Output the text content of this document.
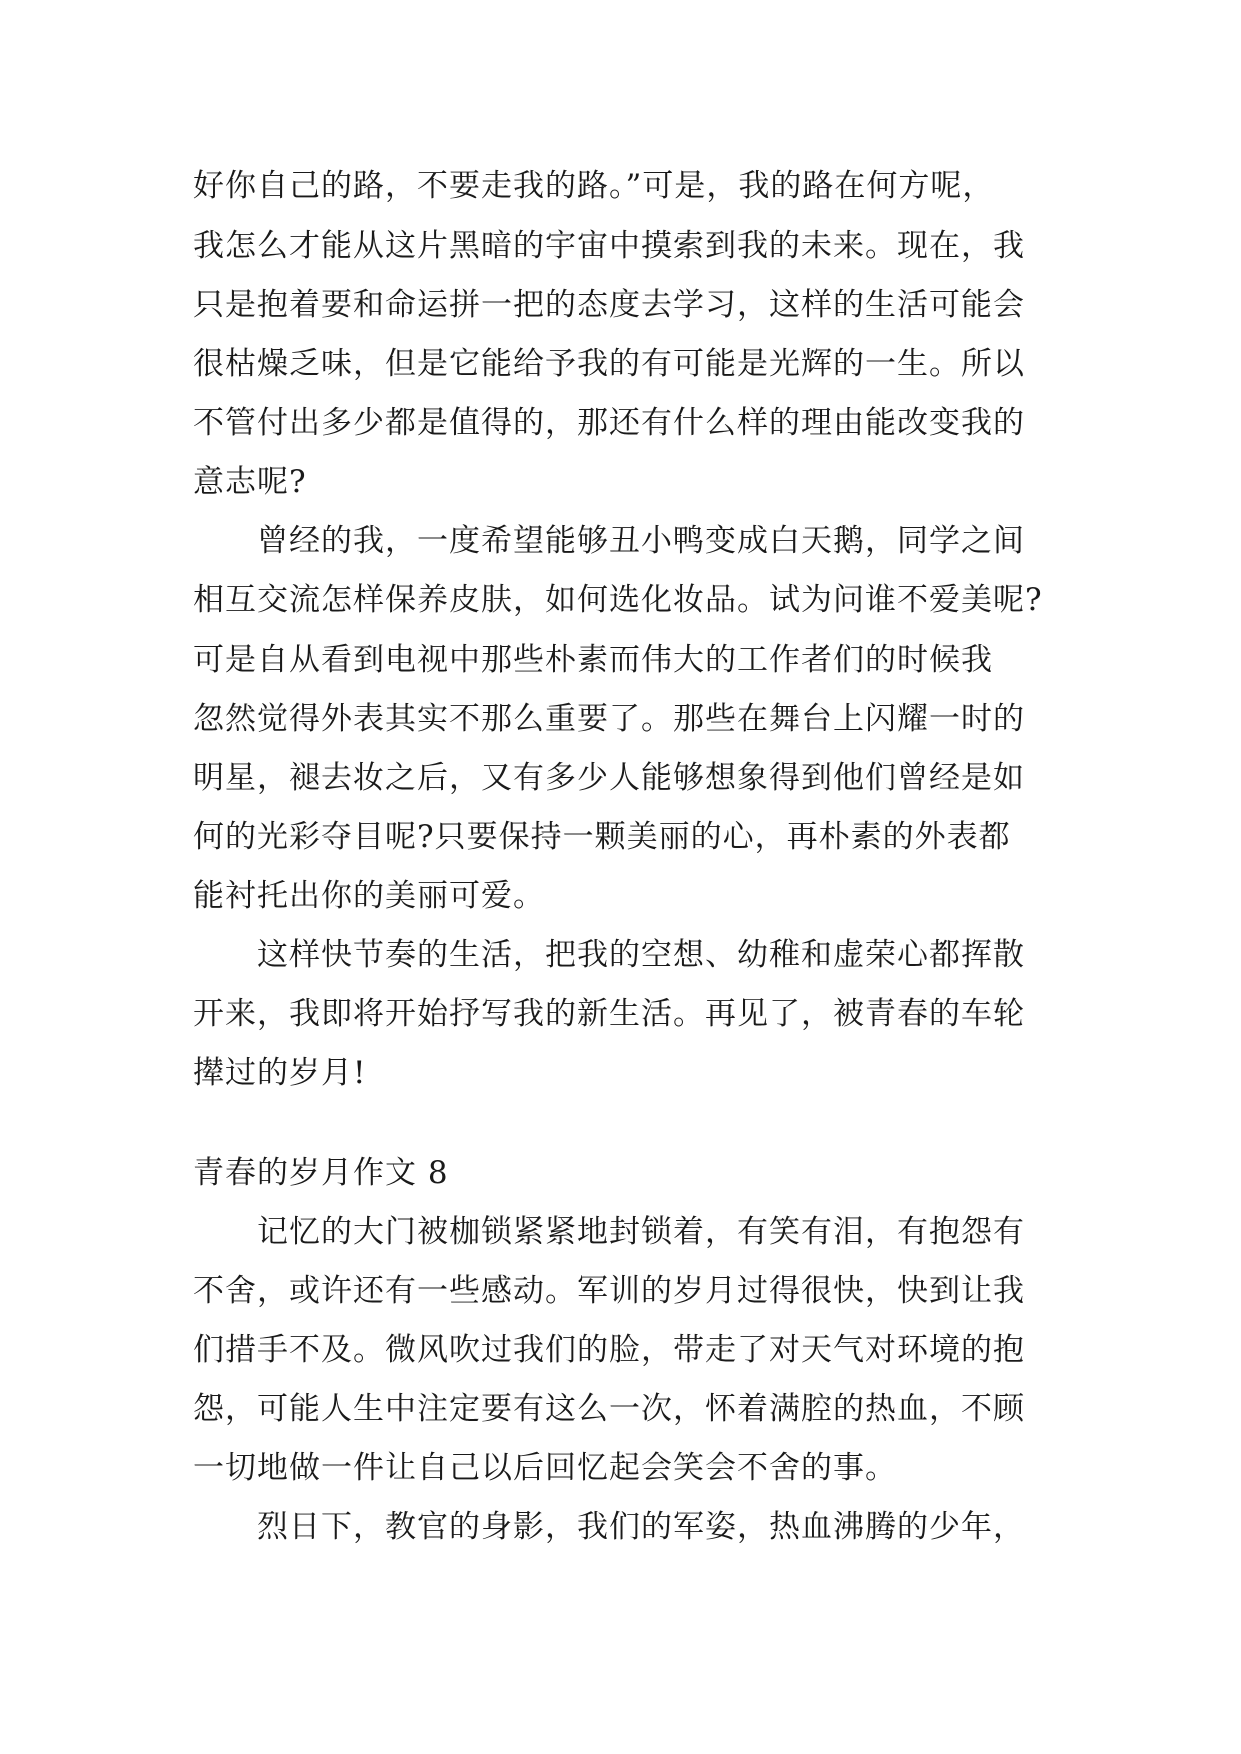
好你自己的路，不要走我的路。”可是，我的路在何方呢，
我怎么才能从这片黑暗的宇宙中摸索到我的未来。现在，我
只是抱着要和命运拼一把的态度去学习，这样的生活可能会
很枯燥乏味，但是它能给予我的有可能是光辉的一生。所以
不管付出多少都是值得的，那还有什么样的理由能改变我的
意志呢?
曾经的我，一度希望能够丑小鸭变成白天鹅，同学之间
相互交流怎样保养皮肤，如何选化妆品。试为问谁不爱美呢?
可是自从看到电视中那些朴素而伟大的工作者们的时候我
忽然觉得外表其实不那么重要了。那些在舞台上闪耀一时的
明星，褪去妆之后，又有多少人能够想象得到他们曾经是如
何的光彩夺目呢?只要保持一颗美丽的心，再朴素的外表都
能衬托出你的美丽可爱。
这样快节奏的生活，把我的空想、幼稚和虚荣心都挥散
开来，我即将开始抒写我的新生活。再见了，被青春的车轮
撵过的岁月!
青春的岁月作文 8
记忆的大门被枷锁紧紧地封锁着，有笑有泪，有抱怨有
不舍，或许还有一些感动。军训的岁月过得很快，快到让我
们措手不及。微风吹过我们的脸，带走了对天气对环境的抱
怨，可能人生中注定要有这么一次，怀着满腔的热血，不顾
一切地做一件让自己以后回忆起会笑会不舍的事。
烈日下，教官的身影，我们的军姿，热血沸腾的少年，
